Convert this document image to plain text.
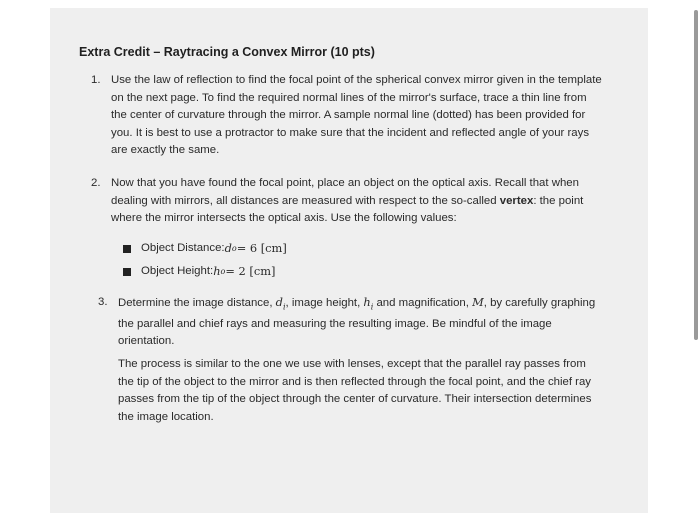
Extra Credit – Raytracing a Convex Mirror (10 pts)
1. Use the law of reflection to find the focal point of the spherical convex mirror given in the template on the next page. To find the required normal lines of the mirror's surface, trace a thin line from the center of curvature through the mirror. A sample normal line (dotted) has been provided for you. It is best to use a protractor to make sure that the incident and reflected angle of your rays are exactly the same.
2. Now that you have found the focal point, place an object on the optical axis. Recall that when dealing with mirrors, all distances are measured with respect to the so-called vertex: the point where the mirror intersects the optical axis. Use the following values:
Object Distance: d o = 6 [cm]
Object Height: h o = 2 [cm]
3. Determine the image distance, $d_i$, image height, $h_i$ and magnification, M, by carefully graphing the parallel and chief rays and measuring the resulting image. Be mindful of the image orientation.
The process is similar to the one we use with lenses, except that the parallel ray passes from the tip of the object to the mirror and is then reflected through the focal point, and the chief ray passes from the tip of the object through the center of curvature. Their intersection determines the image location.
